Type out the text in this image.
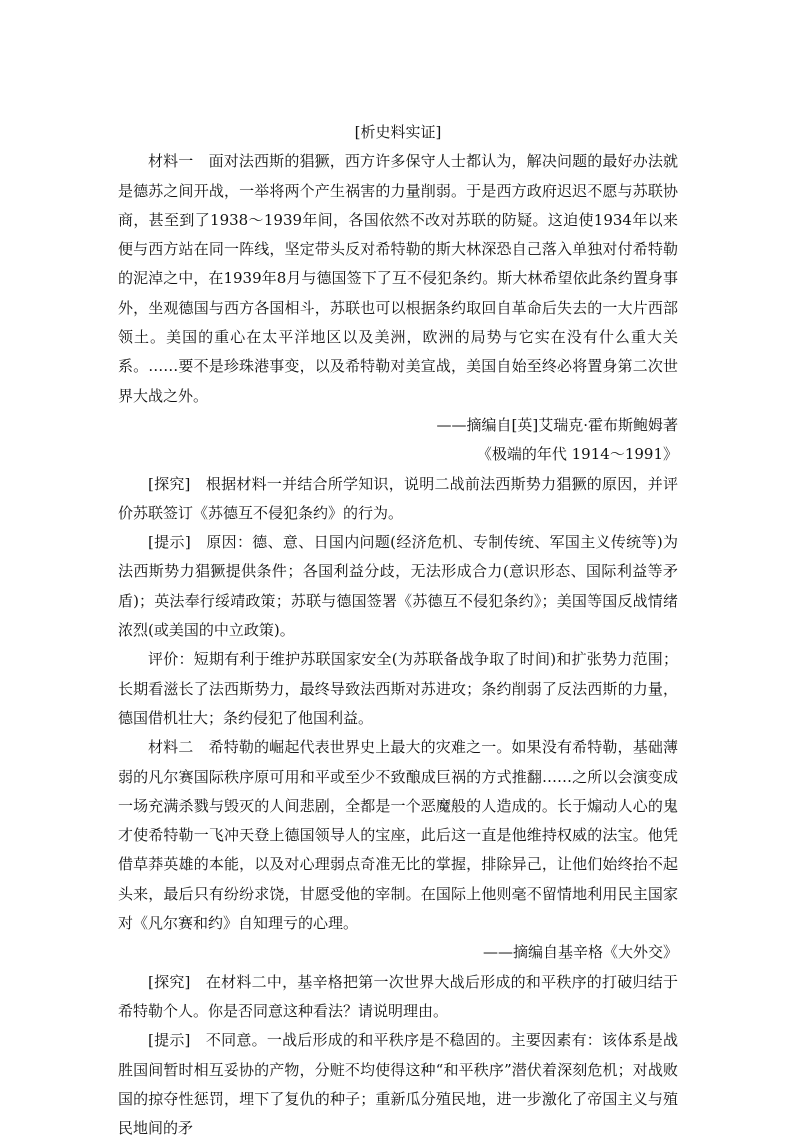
[析史料实证]

材料一　面对法西斯的猖獗，西方许多保守人士都认为，解决问题的最好办法就是德苏之间开战，一举将两个产生祸害的力量削弱。于是西方政府迟迟不愿与苏联协商，甚至到了1938～1939年间，各国依然不改对苏联的防疑。这迫使1934年以来便与西方站在同一阵线，坚定带头反对希特勒的斯大林深恐自己落入单独对付希特勒的泥淖之中，在1939年8月与德国签下了互不侵犯条约。斯大林希望依此条约置身事外，坐观德国与西方各国相斗，苏联也可以根据条约取回自革命后失去的一大片西部领土。美国的重心在太平洋地区以及美洲，欧洲的局势与它实在没有什么重大关系。……要不是珍珠港事变，以及希特勒对美宣战，美国自始至终必将置身第二次世界大战之外。

——摘编自[英]艾瑞克·霍布斯鲍姆著

《极端的年代 1914～1991》

[探究]　根据材料一并结合所学知识，说明二战前法西斯势力猖獗的原因，并评价苏联签订《苏德互不侵犯条约》的行为。

[提示]　原因：德、意、日国内问题(经济危机、专制传统、军国主义传统等)为法西斯势力猖獗提供条件；各国利益分歧，无法形成合力(意识形态、国际利益等矛盾)；英法奉行绥靖政策；苏联与德国签署《苏德互不侵犯条约》；美国等国反战情绪浓烈(或美国的中立政策)。

评价：短期有利于维护苏联国家安全(为苏联备战争取了时间)和扩张势力范围；长期看滋长了法西斯势力，最终导致法西斯对苏进攻；条约削弱了反法西斯的力量，德国借机壮大；条约侵犯了他国利益。

材料二　希特勒的崛起代表世界史上最大的灾难之一。如果没有希特勒，基础薄弱的凡尔赛国际秩序原可用和平或至少不致酿成巨祸的方式推翻……之所以会演变成一场充满杀戮与毁灭的人间悲剧，全都是一个恶魔般的人造成的。长于煽动人心的鬼才使希特勒一飞冲天登上德国领导人的宝座，此后这一直是他维持权威的法宝。他凭借草莽英雄的本能，以及对心理弱点奇准无比的掌握，排除异己，让他们始终抬不起头来，最后只有纷纷求饶，甘愿受他的宰制。在国际上他则毫不留情地利用民主国家对《凡尔赛和约》自知理亏的心理。

——摘编自基辛格《大外交》

[探究]　在材料二中，基辛格把第一次世界大战后形成的和平秩序的打破归结于希特勒个人。你是否同意这种看法？请说明理由。

[提示]　不同意。一战后形成的和平秩序是不稳固的。主要因素有：该体系是战胜国间暂时相互妥协的产物，分赃不均使得这种“和平秩序”潜伏着深刻危机；对战败国的掠夺性惩罚，埋下了复仇的种子；重新瓜分殖民地，进一步激化了帝国主义与殖民地间的矛
